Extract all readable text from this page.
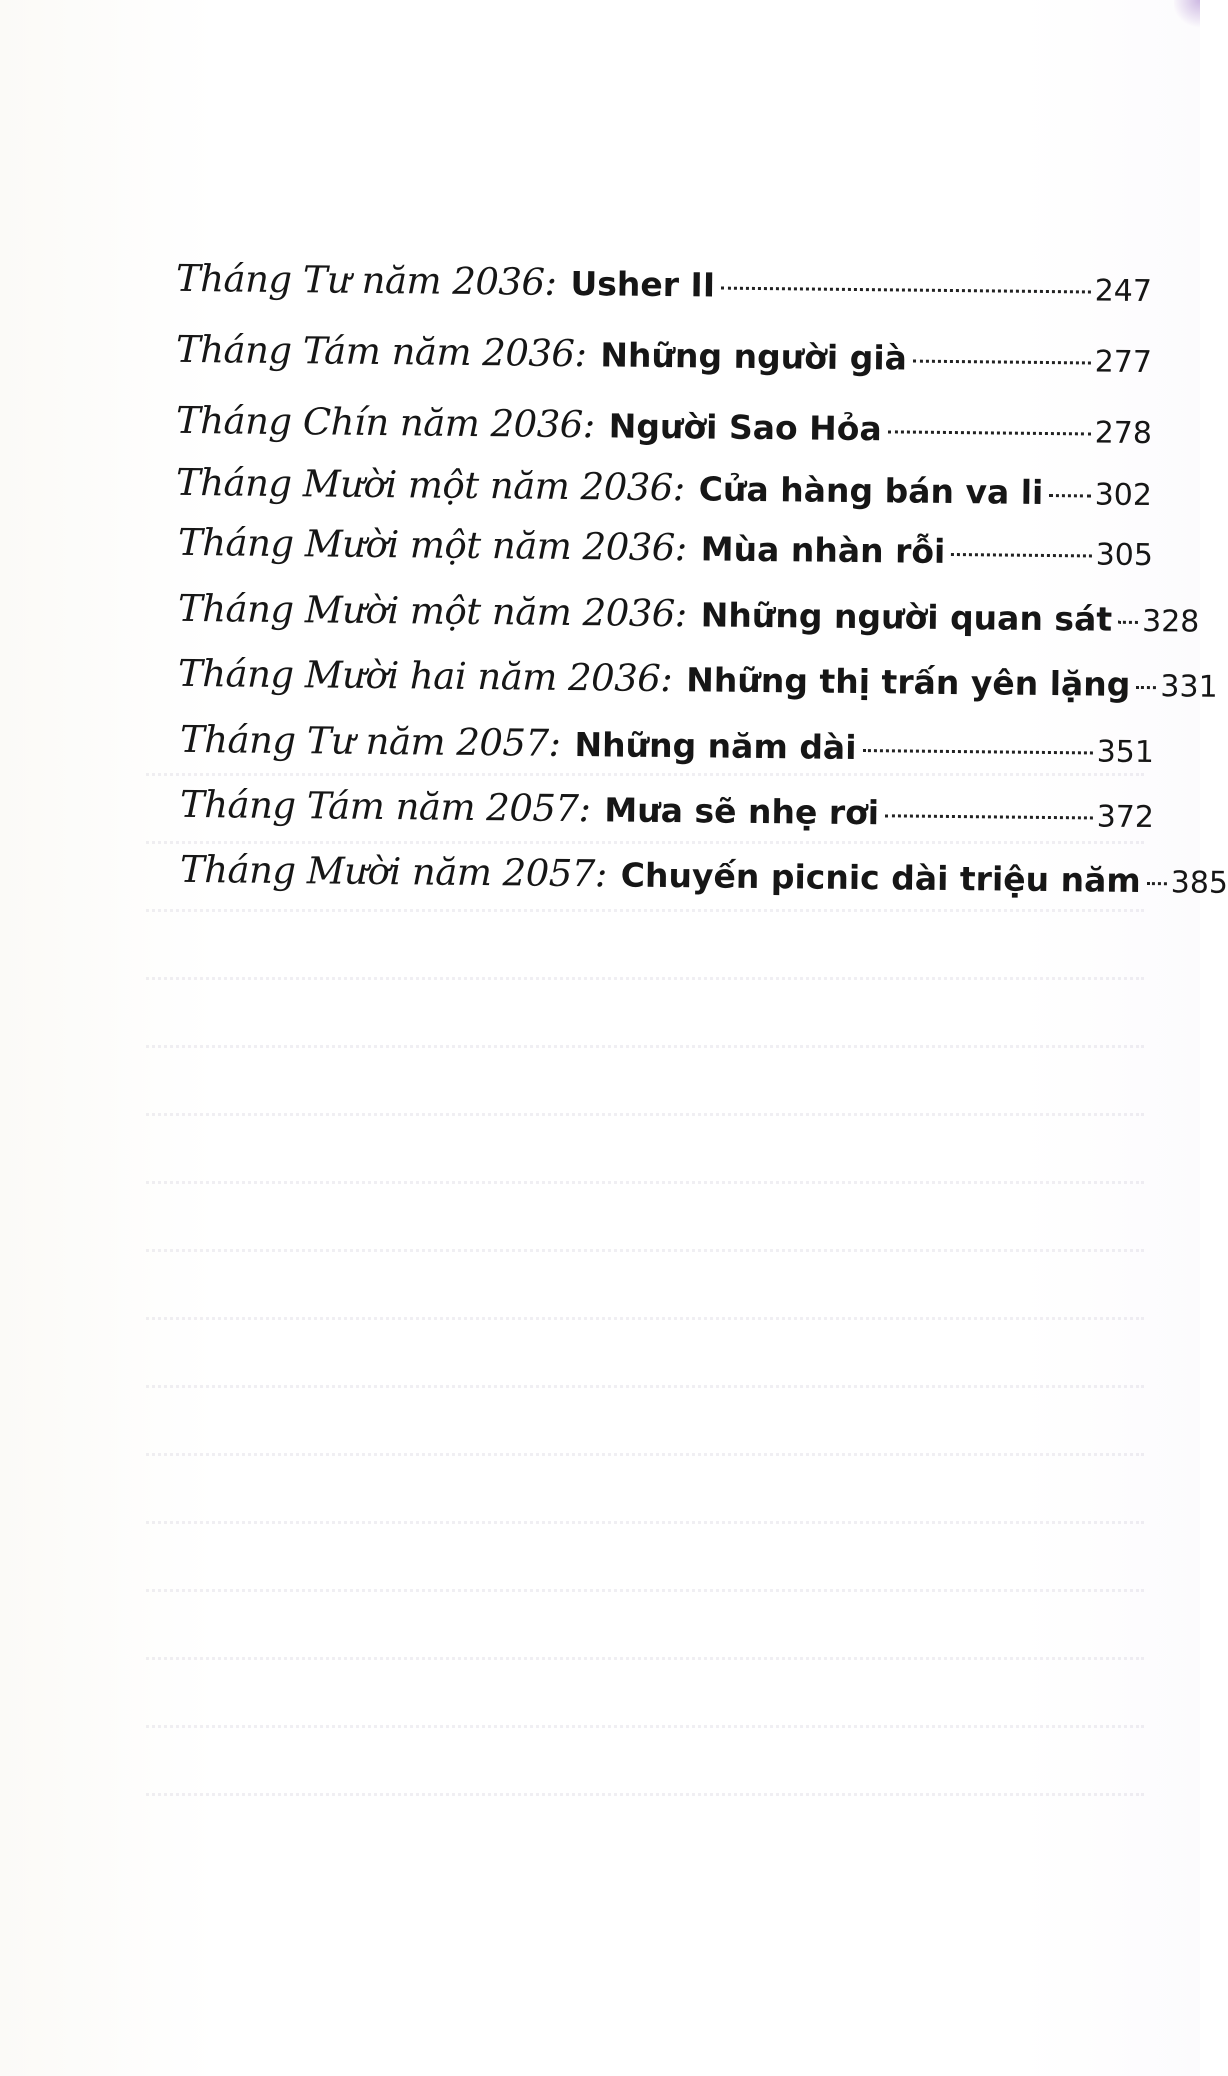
Tháng Tư năm 2036: Usher II	247
Tháng Tám năm 2036: Những người già	277
Tháng Chín năm 2036: Người Sao Hỏa	278
Tháng Mười một năm 2036: Cửa hàng bán va li 302
Tháng Mười một năm 2036: Mùa nhàn rỗi	305
Tháng Mười một năm 2036: Những người quan sát 328
Tháng Mười hai năm 2036: Những thị trấn yên lặng 331
Tháng Tư năm 2057: Những năm dài	351
Tháng Tám năm 2057: Mưa sẽ nhẹ rơi	372
Tháng Mười năm 2057: Chuyến picnic dài triệu năm 385
